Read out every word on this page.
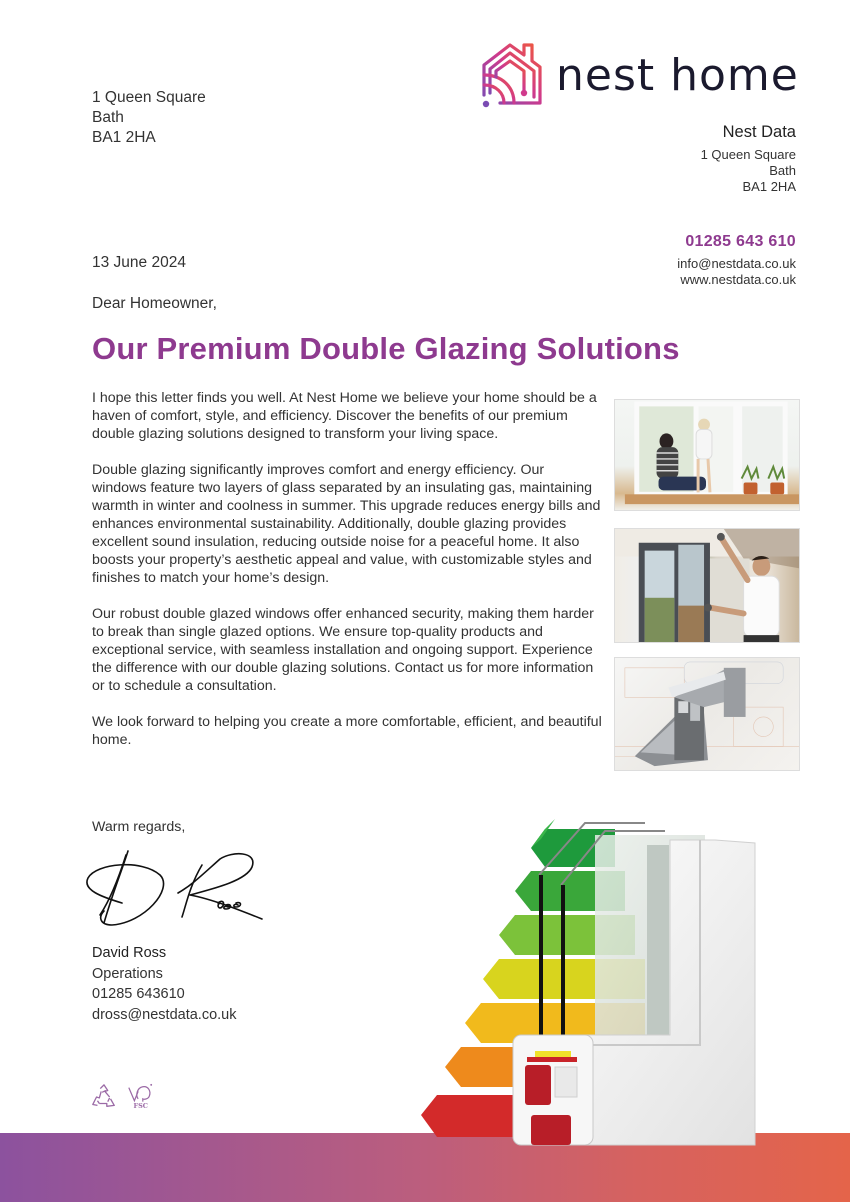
1 Queen Square
Bath
BA1 2HA
nest home
Nest Data
1 Queen Square
Bath
BA1 2HA
01285 643 610
info@nestdata.co.uk
www.nestdata.co.uk
13 June 2024
Dear Homeowner,
Our Premium Double Glazing Solutions

I hope this letter finds you well. At Nest Home we believe your home should be a haven of comfort, style, and efficiency. Discover the benefits of our premium double glazing solutions designed to transform your living space.

Double glazing significantly improves comfort and energy efficiency. Our windows feature two layers of glass separated by an insulating gas, maintaining warmth in winter and coolness in summer. This upgrade reduces energy bills and enhances environmental sustainability. Additionally, double glazing provides excellent sound insulation, reducing outside noise for a peaceful home. It also boosts your property’s aesthetic appeal and value, with customizable styles and finishes to match your home’s design.

Our robust double glazed windows offer enhanced security, making them harder to break than single glazed options. We ensure top-quality products and exceptional service, with seamless installation and ongoing support. Experience the difference with our double glazing solutions. Contact us for more information or to schedule a consultation.

We look forward to helping you create a more comfortable, efficient, and beautiful home.

Warm regards,
David Ross
Operations
01285 643610
dross@nestdata.co.uk
FSC
